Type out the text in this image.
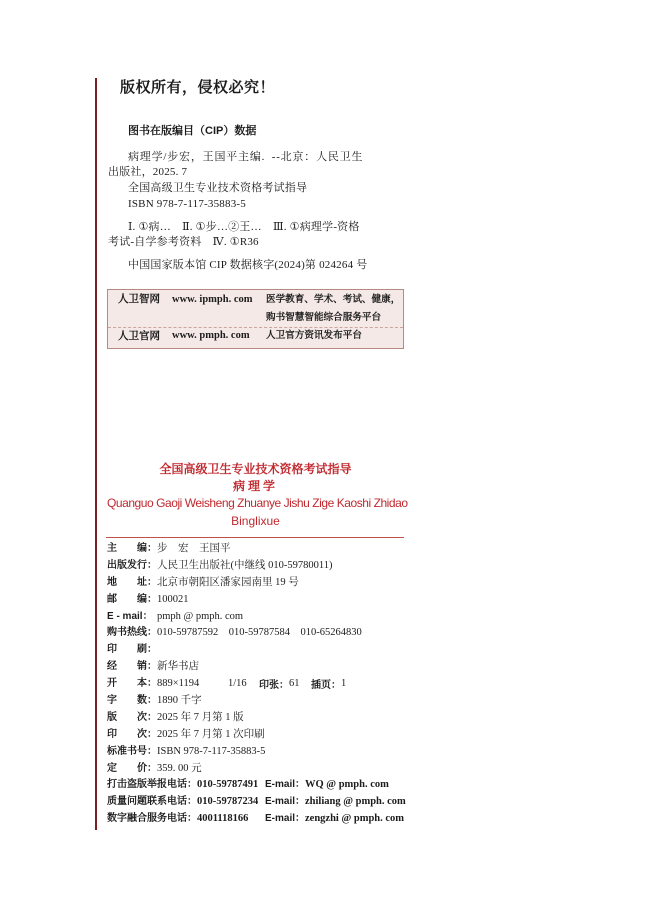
版权所有，侵权必究！
图书在版编目（CIP）数据
病理学/步宏，王国平主编. --北京：人民卫生
出版社，2025. 7
全国高级卫生专业技术资格考试指导
ISBN 978-7-117-35883-5
Ⅰ. ①病…　Ⅱ. ①步…②王…　Ⅲ. ①病理学-资格
考试-自学参考资料　Ⅳ. ①R36
中国国家版本馆 CIP 数据核字(2024)第 024264 号
人卫智网 www. ipmph. com 医学教育、学术、考试、健康，
购书智慧智能综合服务平台
人卫官网 www. pmph. com 人卫官方资讯发布平台
全国高级卫生专业技术资格考试指导
病理学
Quanguo Gaoji Weisheng Zhuanye Jishu Zige Kaoshi Zhidao
Binglixue
主　　编：$^{步 宏 王国平}$
出版发行：$^{人民卫生出版社(中继线 010-59780011)}$
地　　址：$^{北京市朝阳区潘家园南里 19 号}$
邮　　编：$^{100021}$
E - mail： $^{pmph @ pmph. com}$
购书热线：$^{010-59787592 010-59787584 010-65264830}$
印　　刷：
经　　销：$^{新华书店}$
开　　本：889×1194	1/16 印张：$^{61}$ 插页：$^1$
字　　数：$^{1890 千字}$
版　　次：$^{2025 年 7 月第 1 版}$
印　　次：$^{2025 年 7 月第 1 次印刷}$
标准书号：$^{ISBN 978-7-117-35883-5}$
定　　价：$^{359. 00 元}$
打击盗版举报电话：010-59787491 $^{E-mail:WQ @ pmph. com}$
质量问题联系电话：010-59787234 $^{E-mail:zhiliang @ pmph. com}$
数字融合服务电话：4001118166 $^{E-mail:zengzhi @ pmph. com}$
